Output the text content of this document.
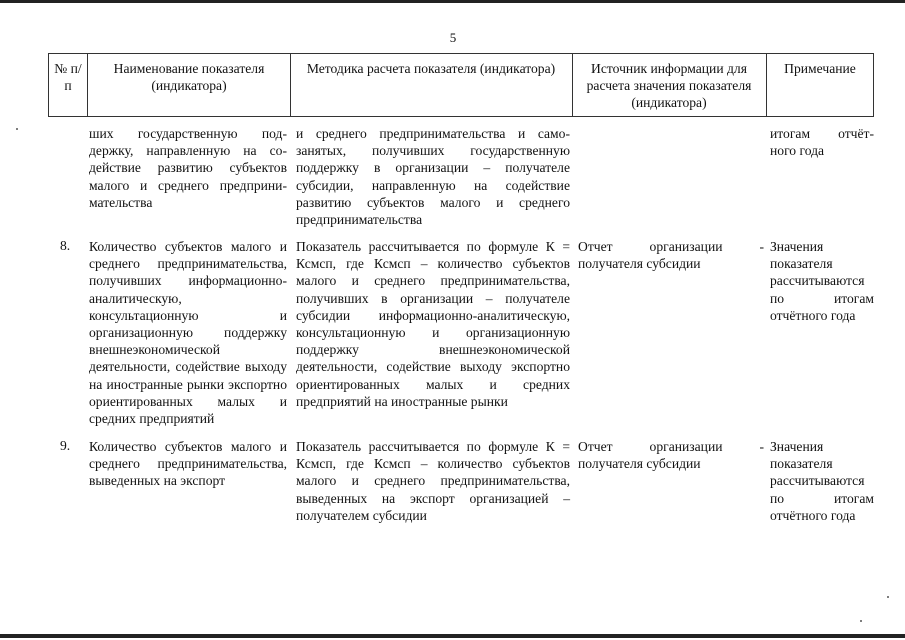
5
№ п/п
Наименование показателя (индикатора)
Методика расчета показателя (индикатора)	Источник информации для расчета значения показателя (индикатора)
Примечание
ших государственную под- держку, направленную на со- действие развитию субъектов малого и среднего предприни- мательства
и среднего предпринимательства и само- занятых, получивших государственную поддержку в организации – получателе субсидии, направленную на содействие развитию субъектов малого и среднего предпринимательства
итогам отчёт- ного года
8. Количество субъектов малого и среднего предпринимательства, получивших информационно-аналитическую, консультационную и организационную поддержку внешнеэкономической деятельности, содействие выходу на иностранные рынки экспортно ориентированных малых и средних предприятий
Показатель рассчитывается по формуле К = Ксмсп, где Ксмсп – количество субъектов малого и среднего предпринимательства, получивших в организации – получателе субсидии информационно-аналитическую, консультационную и организационную поддержку внешнеэкономической деятельности, содействие выходу экспортно ориентированных малых и средних предприятий на иностранные рынки
Отчет организации - получателя субсидии
Значения показателя рассчитываются по итогам отчётного года
9. Количество субъектов малого и среднего предпринимательства, выведенных на экспорт
Показатель рассчитывается по формуле К = Ксмсп, где Ксмсп – количество субъектов малого и среднего предпринимательства, выведенных на экспорт организацией – получателем субсидии
Отчет организации - получателя субсидии
Значения показателя рассчитываются по итогам отчётного года
